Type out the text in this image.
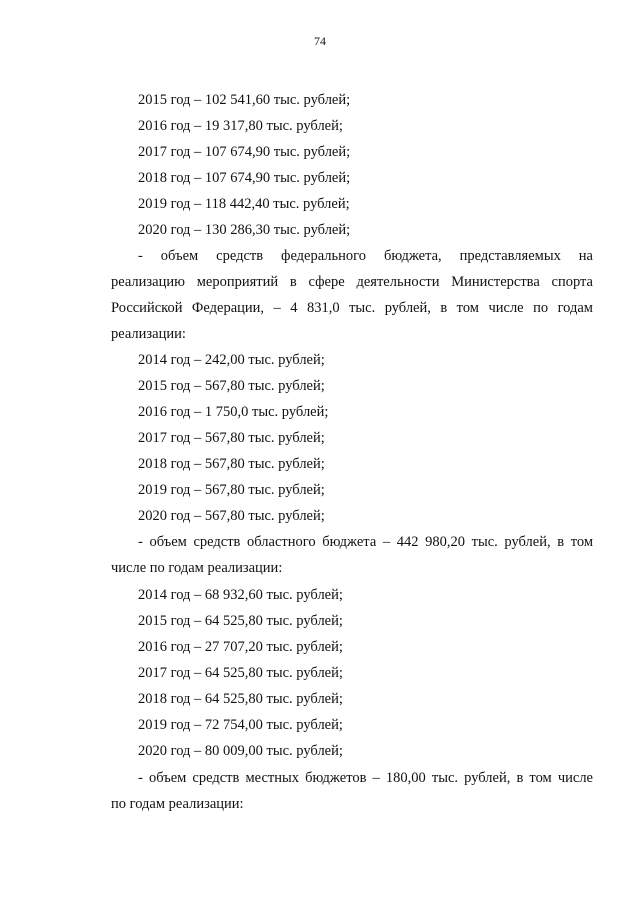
74
2015 год – 102 541,60 тыс. рублей;
2016 год – 19 317,80 тыс. рублей;
2017 год – 107 674,90 тыс. рублей;
2018 год – 107 674,90 тыс. рублей;
2019 год – 118 442,40 тыс. рублей;
2020 год – 130 286,30 тыс. рублей;
- объем средств федерального бюджета, представляемых на
реализацию мероприятий в сфере деятельности Министерства спорта
Российской Федерации, – 4 831,0 тыс. рублей, в том числе по годам
реализации:
2014 год – 242,00 тыс. рублей;
2015 год – 567,80 тыс. рублей;
2016 год – 1 750,0 тыс. рублей;
2017 год – 567,80 тыс. рублей;
2018 год – 567,80 тыс. рублей;
2019 год – 567,80 тыс. рублей;
2020 год – 567,80 тыс. рублей;
- объем средств областного бюджета – 442 980,20 тыс. рублей, в том
числе по годам реализации:
2014 год – 68 932,60 тыс. рублей;
2015 год – 64 525,80 тыс. рублей;
2016 год – 27 707,20 тыс. рублей;
2017 год – 64 525,80 тыс. рублей;
2018 год – 64 525,80 тыс. рублей;
2019 год – 72 754,00 тыс. рублей;
2020 год – 80 009,00 тыс. рублей;
- объем средств местных бюджетов – 180,00 тыс. рублей, в том числе
по годам реализации:
